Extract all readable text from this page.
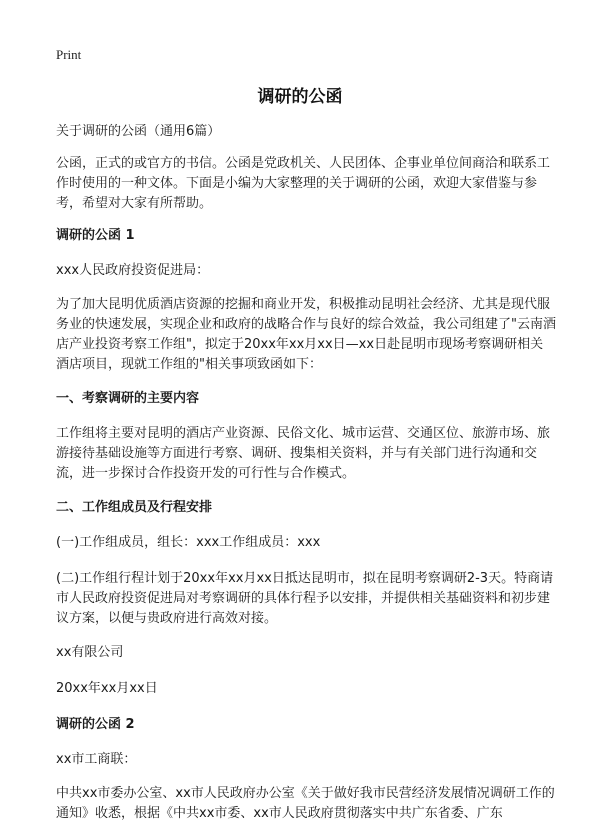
Print
调研的公函

关于调研的公函（通用6篇）

公函，正式的或官方的书信。公函是党政机关、人民团体、企事业单位间商洽和联系工作时使用的一种文体。下面是小编为大家整理的关于调研的公函，欢迎大家借鉴与参考，希望对大家有所帮助。

调研的公函 1

xxx人民政府投资促进局：

为了加大昆明优质酒店资源的挖掘和商业开发，积极推动昆明社会经济、尤其是现代服务业的快速发展，实现企业和政府的战略合作与良好的综合效益，我公司组建了"云南酒店产业投资考察工作组"，拟定于20xx年xx月xx日—xx日赴昆明市现场考察调研相关酒店项目，现就工作组的"相关事项致函如下：

一、考察调研的主要内容

工作组将主要对昆明的酒店产业资源、民俗文化、城市运营、交通区位、旅游市场、旅游接待基础设施等方面进行考察、调研、搜集相关资料，并与有关部门进行沟通和交流，进一步探讨合作投资开发的可行性与合作模式。

二、工作组成员及行程安排

(一)工作组成员，组长：xxx工作组成员：xxx

(二)工作组行程计划于20xx年xx月xx日抵达昆明市，拟在昆明考察调研2-3天。特商请市人民政府投资促进局对考察调研的具体行程予以安排，并提供相关基础资料和初步建议方案，以便与贵政府进行高效对接。

xx有限公司

20xx年xx月xx日

调研的公函 2

xx市工商联：

中共xx市委办公室、xx市人民政府办公室《关于做好我市民营经济发展情况调研工作的通知》收悉，根据《中共xx市委、xx市人民政府贯彻落实中共广东省委、广东
